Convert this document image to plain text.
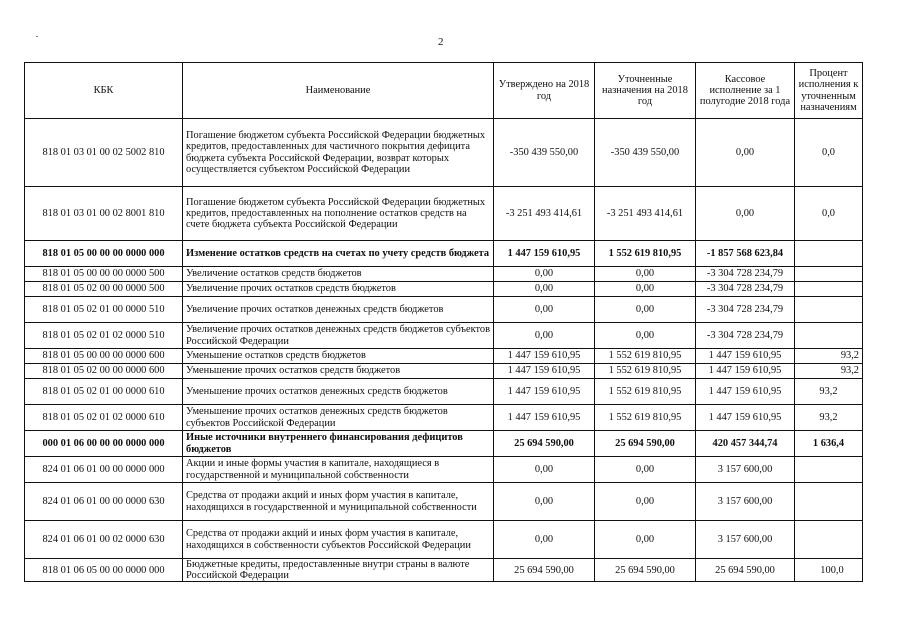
2
КБК	Наименование	Утверждено на 2018 год	Уточненные назначения на 2018 год	Кассовое исполнение за 1 полугодие 2018 года	Процент исполнения к уточненным назначениям
818 01 03 01 00 02 5002 810	Погашение бюджетом субъекта Российской Федерации бюджетных кредитов, предоставленных для частичного покрытия дефицита бюджета субъекта Российской Федерации, возврат которых осуществляется субъектом Российской Федерации	-350 439 550,00	-350 439 550,00	0,00	0,0
818 01 03 01 00 02 8001 810	Погашение бюджетом субъекта Российской Федерации бюджетных кредитов, предоставленных на пополнение остатков средств на счете бюджета субъекта Российской Федерации	-3 251 493 414,61	-3 251 493 414,61	0,00	0,0
818 01 05 00 00 00 0000 000	Изменение остатков средств на счетах по учету средств бюджета	1 447 159 610,95	1 552 619 810,95	-1 857 568 623,84	
818 01 05 00 00 00 0000 500	Увеличение остатков средств бюджетов	0,00	0,00	-3 304 728 234,79	
818 01 05 02 00 00 0000 500	Увеличение прочих остатков средств бюджетов	0,00	0,00	-3 304 728 234,79	
818 01 05 02 01 00 0000 510	Увеличение прочих остатков денежных средств бюджетов	0,00	0,00	-3 304 728 234,79	
818 01 05 02 01 02 0000 510	Увеличение прочих остатков денежных средств бюджетов субъектов Российской Федерации	0,00	0,00	-3 304 728 234,79	
818 01 05 00 00 00 0000 600	Уменьшение остатков средств бюджетов	1 447 159 610,95	1 552 619 810,95	1 447 159 610,95	93,2
818 01 05 02 00 00 0000 600	Уменьшение прочих остатков средств бюджетов	1 447 159 610,95	1 552 619 810,95	1 447 159 610,95	93,2
818 01 05 02 01 00 0000 610	Уменьшение прочих остатков денежных средств бюджетов	1 447 159 610,95	1 552 619 810,95	1 447 159 610,95	93,2
818 01 05 02 01 02 0000 610	Уменьшение прочих остатков денежных средств бюджетов субъектов Российской Федерации	1 447 159 610,95	1 552 619 810,95	1 447 159 610,95	93,2
000 01 06 00 00 00 0000 000	Иные источники внутреннего финансирования дефицитов бюджетов	25 694 590,00	25 694 590,00	420 457 344,74	1 636,4
824 01 06 01 00 00 0000 000	Акции и иные формы участия в капитале, находящиеся в государственной и муниципальной собственности	0,00	0,00	3 157 600,00	
824 01 06 01 00 00 0000 630	Средства от продажи акций и иных форм участия в капитале, находящихся в государственной и муниципальной собственности	0,00	0,00	3 157 600,00	
824 01 06 01 00 02 0000 630	Средства от продажи акций и иных форм участия в капитале, находящихся в собственности субъектов Российской Федерации	0,00	0,00	3 157 600,00	
818 01 06 05 00 00 0000 000	Бюджетные кредиты, предоставленные внутри страны в валюте Российской Федерации	25 694 590,00	25 694 590,00	25 694 590,00	100,0
